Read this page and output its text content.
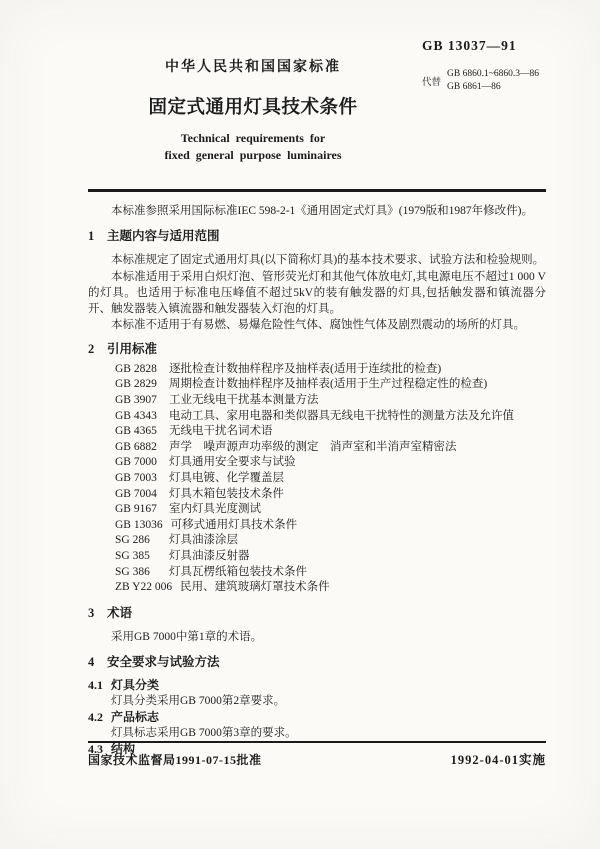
中华人民共和国国家标准
固定式通用灯具技术条件
Technical requirements for
fixed general purpose luminaires
GB 13037—91
代替
GB 6860.1~6860.3—86
GB 6861—86

本标准参照采用国际标准IEC 598-2-1《通用固定式灯具》(1979版和1987年修改件)。

1 主题内容与适用范围

本标准规定了固定式通用灯具(以下简称灯具)的基本技术要求、试验方法和检验规则。

本标准适用于采用白炽灯泡、管形荧光灯和其他气体放电灯,其电源电压不超过1 000 V的灯具。也适用于标准电压峰值不超过5kV的装有触发器的灯具,包括触发器和镇流器分开、触发器装入镇流器和触发器装入灯泡的灯具。

本标准不适用于有易燃、易爆危险性气体、腐蚀性气体及剧烈震动的场所的灯具。

2 引用标准
GB 2828 逐批检查计数抽样程序及抽样表(适用于连续批的检查)
GB 2829 周期检查计数抽样程序及抽样表(适用于生产过程稳定性的检查)
GB 3907 工业无线电干扰基本测量方法
GB 4343 电动工具、家用电器和类似器具无线电干扰特性的测量方法及允许值
GB 4365 无线电干扰名词术语
GB 6882 声学　噪声源声功率级的测定　消声室和半消声室精密法
GB 7000 灯具通用安全要求与试验
GB 7003 灯具电镀、化学覆盖层
GB 7004 灯具木箱包装技术条件
GB 9167 室内灯具光度测试
GB 13036 可移式通用灯具技术条件
SG 286 灯具油漆涂层
SG 385 灯具油漆反射器
SG 386 灯具瓦楞纸箱包装技术条件
ZB Y22 006 民用、建筑玻璃灯罩技术条件
3 术语

采用GB 7000中第1章的术语。

4 安全要求与试验方法
4.1 灯具分类

灯具分类采用GB 7000第2章要求。

4.2 产品标志

灯具标志采用GB 7000第3章的要求。

4.3 结构
国家技术监督局1991-07-15批准	1992-04-01实施
